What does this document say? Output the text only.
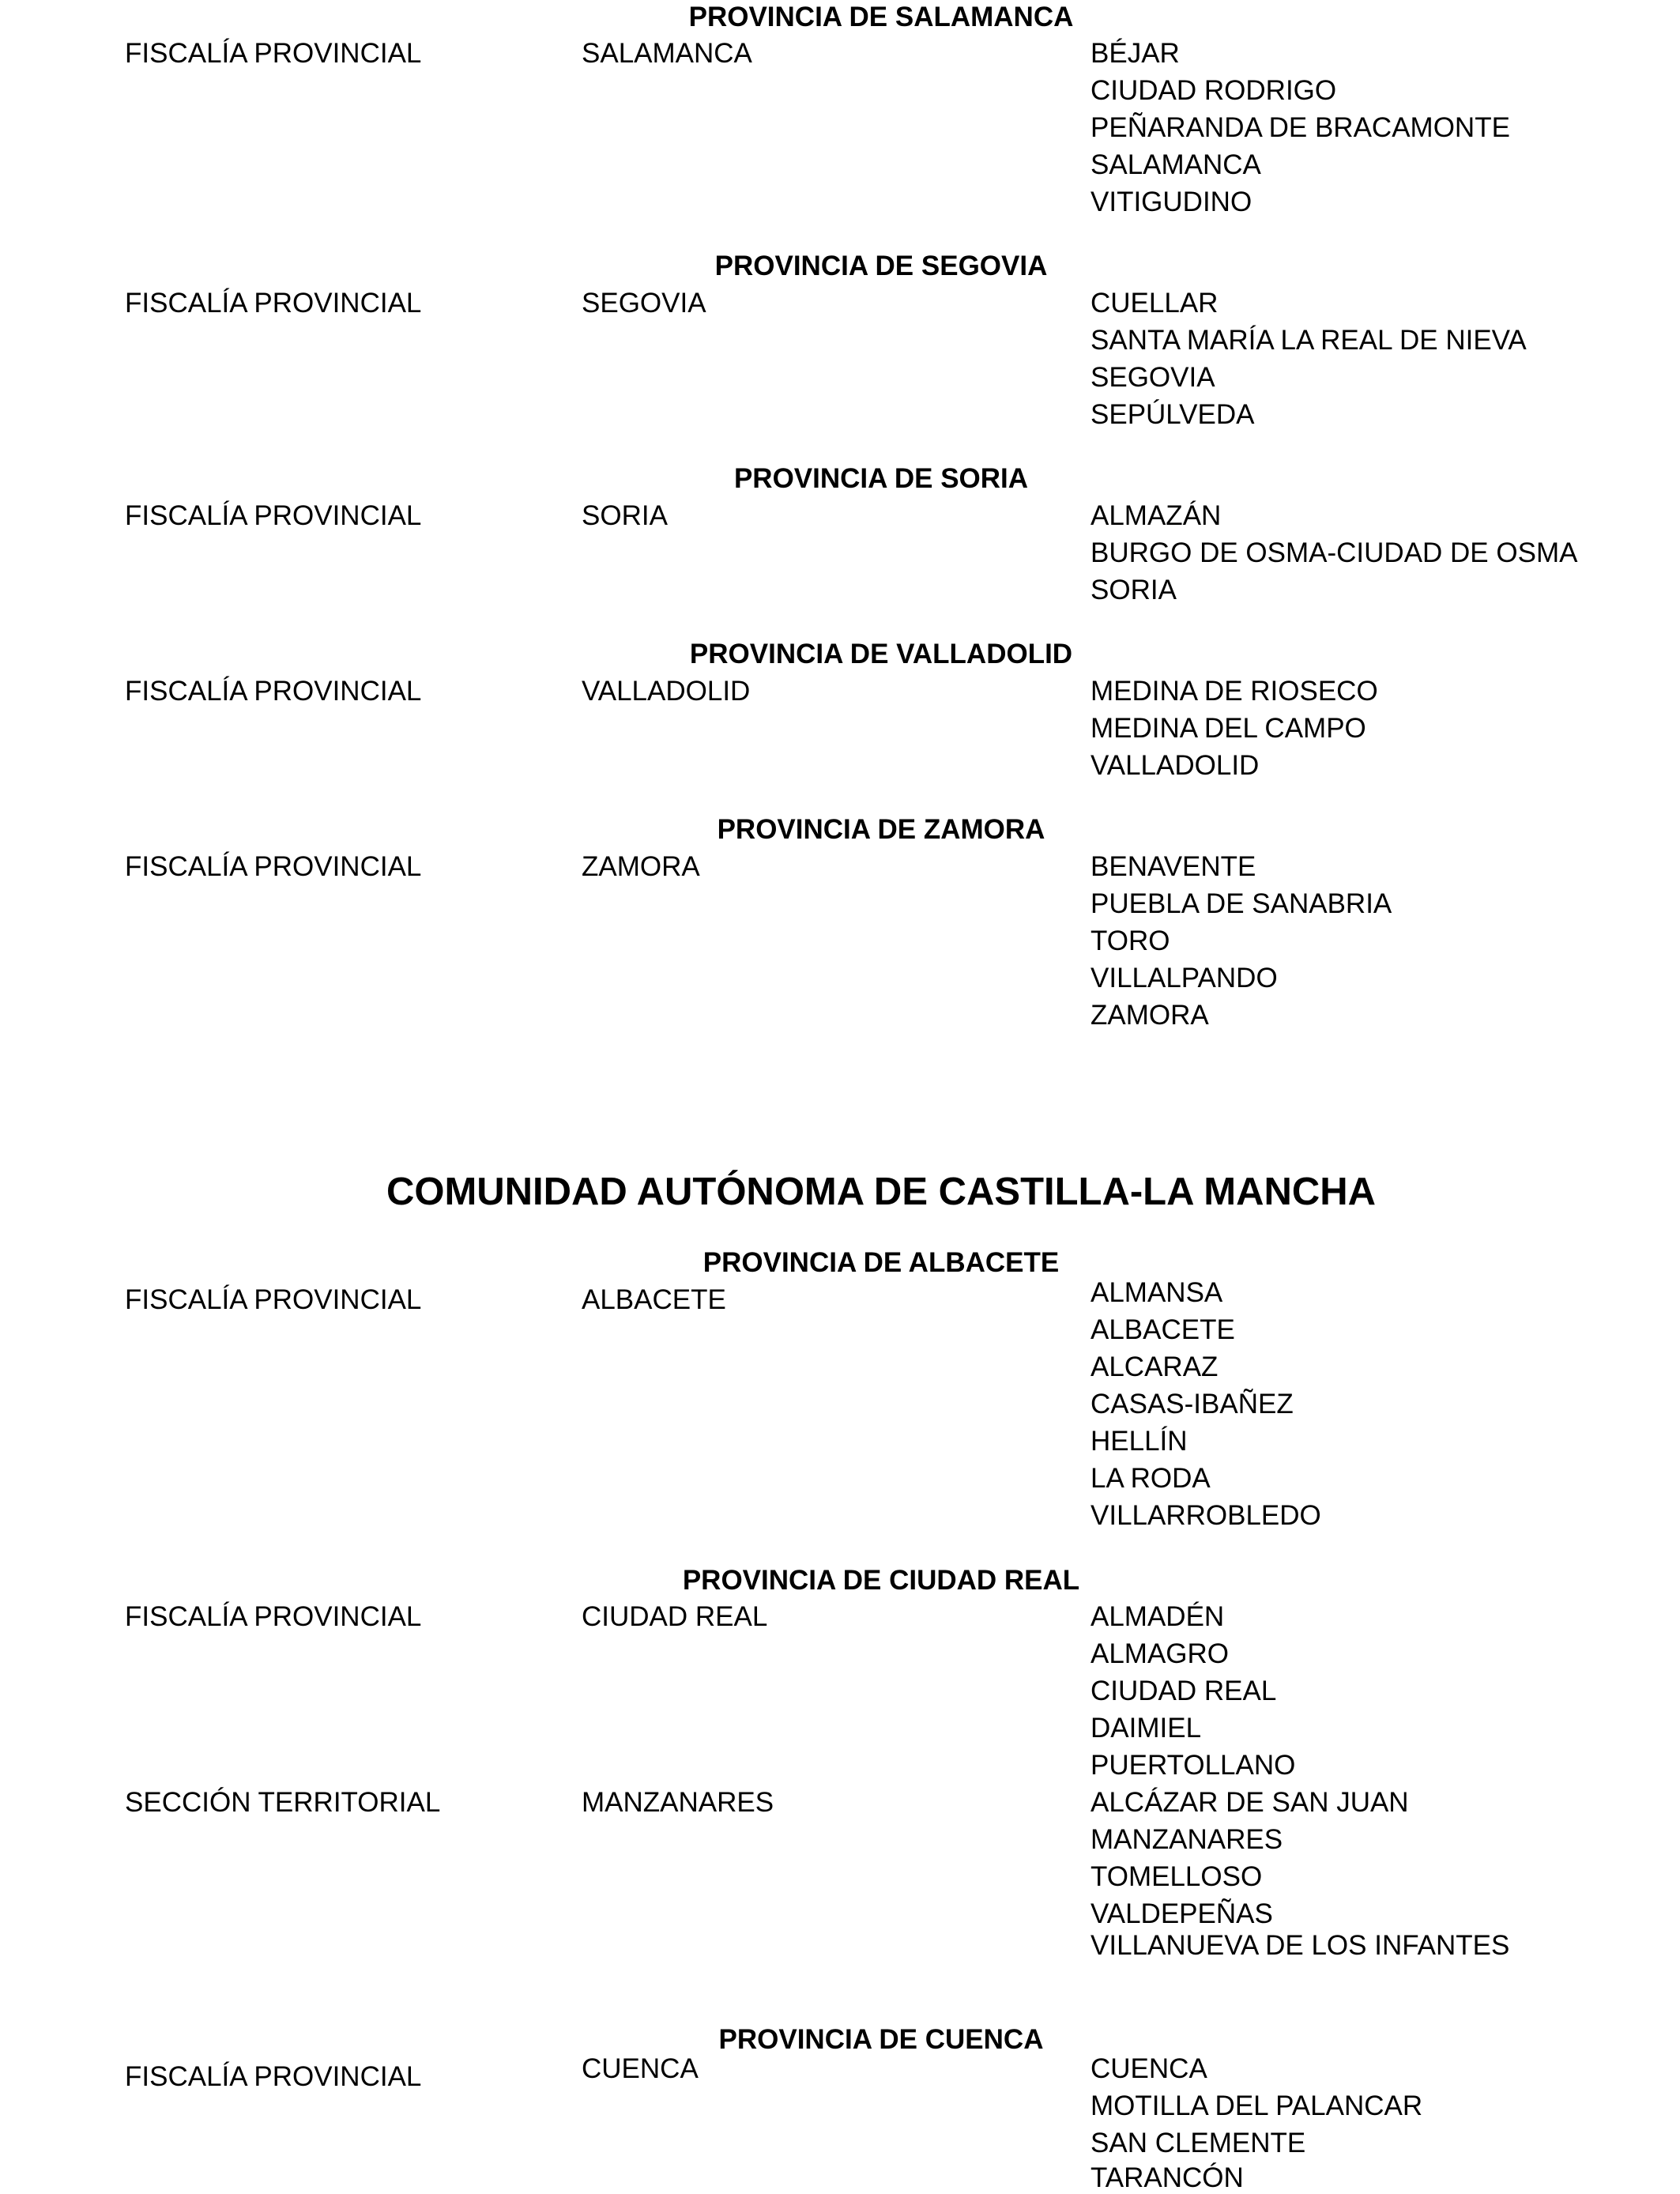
PROVINCIA DE SALAMANCA
FISCALÍA PROVINCIAL	SALAMANCA	BÉJAR
CIUDAD RODRIGO
PEÑARANDA DE BRACAMONTE
SALAMANCA
VITIGUDINO
PROVINCIA DE SEGOVIA
FISCALÍA PROVINCIAL	SEGOVIA	CUELLAR
SANTA MARÍA LA REAL DE NIEVA
SEGOVIA
SEPÚLVEDA
PROVINCIA DE SORIA
FISCALÍA PROVINCIAL	SORIA	ALMAZÁN
BURGO DE OSMA-CIUDAD DE OSMA
SORIA
PROVINCIA DE VALLADOLID
FISCALÍA PROVINCIAL	VALLADOLID	MEDINA DE RIOSECO
MEDINA DEL CAMPO
VALLADOLID
PROVINCIA DE ZAMORA
FISCALÍA PROVINCIAL	ZAMORA	BENAVENTE
PUEBLA DE SANABRIA
TORO
VILLALPANDO
ZAMORA
COMUNIDAD AUTÓNOMA DE CASTILLA-LA MANCHA
PROVINCIA DE ALBACETE
FISCALÍA PROVINCIAL	ALBACETE	ALMANSA
ALBACETE
ALCARAZ
CASAS-IBAÑEZ
HELLÍN
LA RODA
VILLARROBLEDO
PROVINCIA DE CIUDAD REAL
FISCALÍA PROVINCIAL	CIUDAD REAL	ALMADÉN
ALMAGRO
CIUDAD REAL
DAIMIEL
PUERTOLLANO
SECCIÓN TERRITORIAL	MANZANARES	ALCÁZAR DE SAN JUAN
MANZANARES
TOMELLOSO
VALDEPEÑAS
VILLANUEVA DE LOS INFANTES
PROVINCIA DE CUENCA
FISCALÍA PROVINCIAL	CUENCA	CUENCA
MOTILLA DEL PALANCAR
SAN CLEMENTE
TARANCÓN
